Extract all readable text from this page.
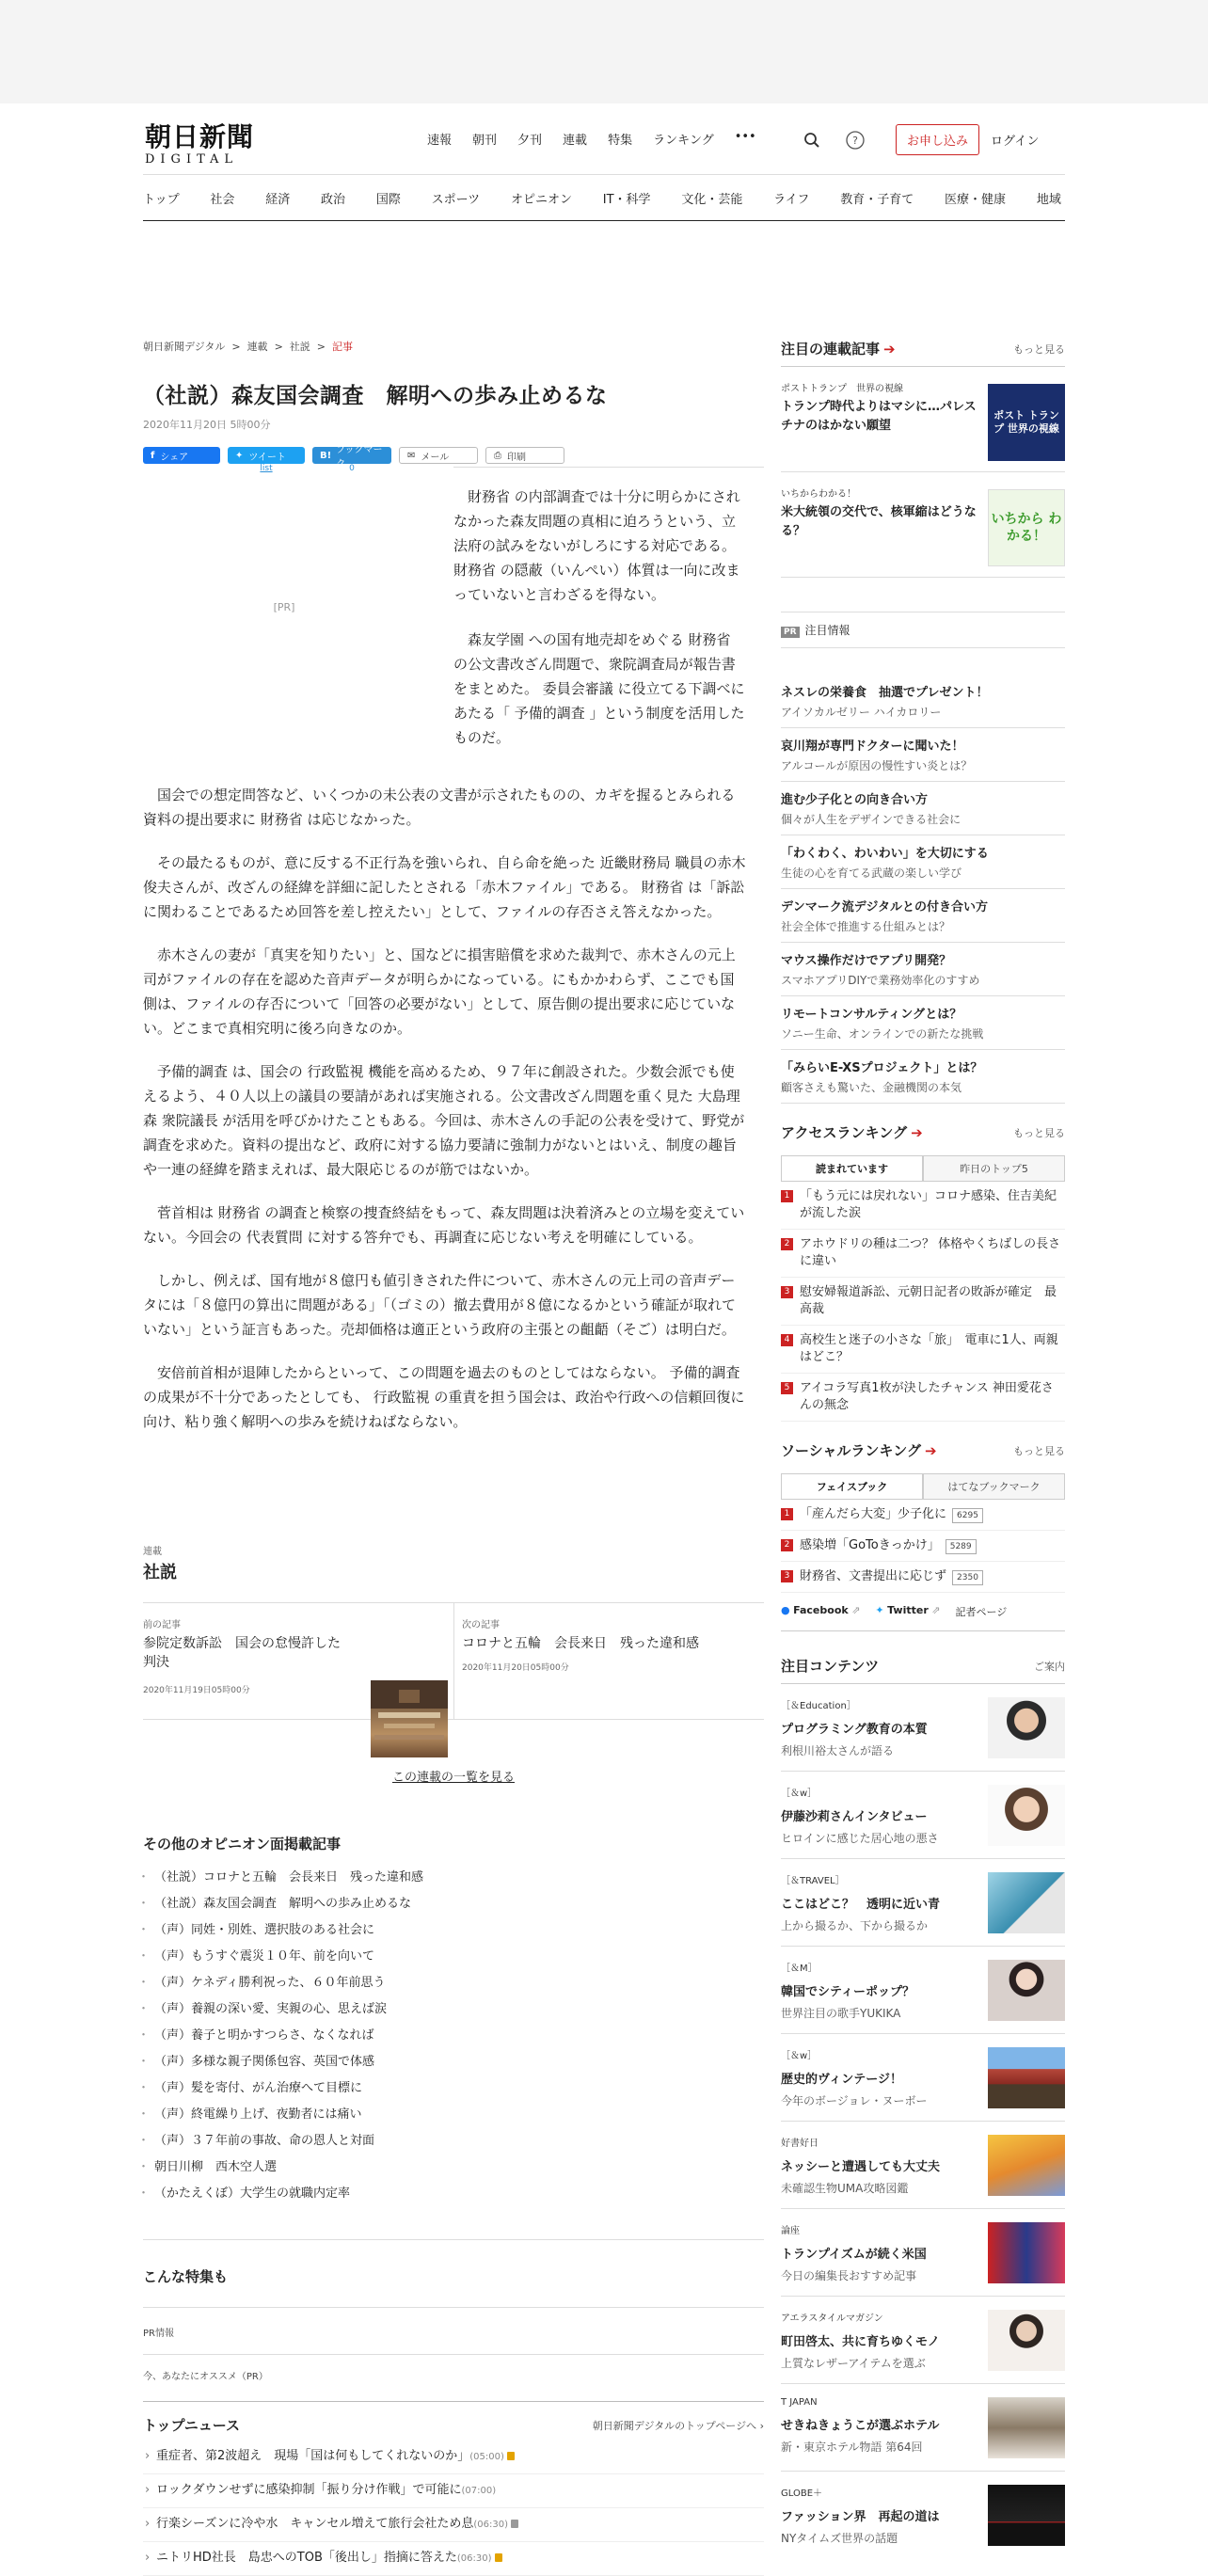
朝日新聞
DIGITAL
速報 朝刊 夕刊 連載 特集 ランキング •••	?	お申し込み	ログイン
トップ	社会	経済	政治	国際	スポーツ	オピニオン	IT・科学	文化・芸能	ライフ	教育・子育て	医療・健康	地域
朝日新聞デジタル > 連載 > 社説 > 記事
（社説）森友国会調査　解明への歩み止めるな
2020年11月20日 5時00分
f シェア	✦ ツイート
list
B! ブックマーク 0
✉ メール	⎙ 印刷
[PR]

財務省 の内部調査では十分に明らかにされなかった森友問題の真相に迫ろうという、立法府の試みをないがしろにする対応である。 財務省 の隠蔽（いんぺい）体質は一向に改まっていないと言わざるを得ない。

森友学園 への国有地売却をめぐる 財務省 の公文書改ざん問題で、衆院調査局が報告書をまとめた。 委員会審議 に役立てる下調べにあたる「 予備的調査 」という制度を活用したものだ。

国会での想定問答など、いくつかの未公表の文書が示されたものの、カギを握るとみられる資料の提出要求に 財務省 は応じなかった。

その最たるものが、意に反する不正行為を強いられ、自ら命を絶った 近畿財務局 職員の赤木俊夫さんが、改ざんの経緯を詳細に記したとされる「赤木ファイル」である。 財務省 は「訴訟に関わることであるため回答を差し控えたい」として、ファイルの存否さえ答えなかった。

赤木さんの妻が「真実を知りたい」と、国などに損害賠償を求めた裁判で、赤木さんの元上司がファイルの存在を認めた音声データが明らかになっている。にもかかわらず、ここでも国側は、ファイルの存否について「回答の必要がない」として、原告側の提出要求に応じていない。どこまで真相究明に後ろ向きなのか。

予備的調査 は、国会の 行政監視 機能を高めるため、９７年に創設された。少数会派でも使えるよう、４０人以上の議員の要請があれば実施される。公文書改ざん問題を重く見た 大島理森 衆院議長 が活用を呼びかけたこともある。今回は、赤木さんの手記の公表を受けて、野党が調査を求めた。資料の提出など、政府に対する協力要請に強制力がないとはいえ、制度の趣旨や一連の経緯を踏まえれば、最大限応じるのが筋ではないか。

菅首相は 財務省 の調査と検察の捜査終結をもって、森友問題は決着済みとの立場を変えていない。今回会の 代表質問 に対する答弁でも、再調査に応じない考えを明確にしている。

しかし、例えば、国有地が８億円も値引きされた件について、赤木さんの元上司の音声データには「８億円の算出に問題がある」「（ゴミの）撤去費用が８億になるかという確証が取れていない」という証言もあった。売却価格は適正という政府の主張との齟齬（そご）は明白だ。

安倍前首相が退陣したからといって、この問題を過去のものとしてはならない。 予備的調査 の成果が不十分であったとしても、 行政監視 の重責を担う国会は、政治や行政への信頼回復に向け、粘り強く解明への歩みを続けねばならない。

連載
社説
前の記事
参院定数訴訟　国会の怠慢許した判決
2020年11月19日05時00分
次の記事
コロナと五輪　会長来日　残った違和感
2020年11月20日05時00分
この連載の一覧を見る
その他のオピニオン面掲載記事
・ （社説）コロナと五輪　会長来日　残った違和感
・ （社説）森友国会調査　解明への歩み止めるな
・ （声）同姓・別姓、選択肢のある社会に
・ （声）もうすぐ震災１０年、前を向いて
・ （声）ケネディ勝利祝った、６０年前思う
・ （声）養親の深い愛、実親の心、思えば涙
・ （声）養子と明かすつらさ、なくなれば
・ （声）多様な親子関係包容、英国で体感
・ （声）髪を寄付、がん治療へて目標に
・ （声）終電繰り上げ、夜勤者には痛い
・ （声）３７年前の事故、命の恩人と対面
・ 朝日川柳　西木空人選
・ （かたえくぼ）大学生の就職内定率
こんな特集も
PR情報
今、あなたにオススメ（PR）
トップニュース	朝日新聞デジタルのトップページへ ›
› 重症者、第2波超え　現場「国は何もしてくれないのか」(05:00)
› ロックダウンせずに感染抑制「振り分け作戦」で可能に(07:00)
› 行楽シーズンに冷や水　キャンセル増えて旅行会社ため息(06:30)
› ニトリHD社長　島忠へのTOB「後出し」指摘に答えた(06:30)
注目の連載記事 ➔	もっと見る
ポストトランプ　世界の視線
トランプ時代よりはマシに…パレスチナのはかない願望
ポスト トランプ 世界の視線
いちからわかる！
米大統領の交代で、核軍縮はどうなる？
いちから わかる！
PR 注目情報
ネスレの栄養食　抽選でプレゼント！
アイソカルゼリー ハイカロリー
哀川翔が専門ドクターに聞いた！
アルコールが原因の慢性すい炎とは？
進む少子化との向き合い方
個々が人生をデザインできる社会に
「わくわく、わいわい」を大切にする
生徒の心を育てる武蔵の楽しい学び
デンマーク流デジタルとの付き合い方
社会全体で推進する仕組みとは？
マウス操作だけでアプリ開発？
スマホアプリDIYで業務効率化のすすめ
リモートコンサルティングとは？
ソニー生命、オンラインでの新たな挑戦
「みらいE-XSプロジェクト」とは？
顧客さえも驚いた、金融機関の本気
アクセスランキング ➔	もっと見る
読まれています	昨日のトップ5
1 「もう元には戻れない」コロナ感染、住吉美紀が流した涙
2 アホウドリの種は二つ？ 体格やくちばしの長さに違い
3 慰安婦報道訴訟、元朝日記者の敗訴が確定　最高裁
4 高校生と迷子の小さな「旅」　電車に1人、両親はどこ？
5 アイコラ写真1枚が決したチャンス 神田愛花さんの無念
ソーシャルランキング ➔	もっと見る
フェイスブック	はてなブックマーク
1 「産んだら大変」少子化に 6295
2 感染増「GoToきっかけ」 5289
3 財務省、文書提出に応じず 2350
● Facebook ⇗ ✦ Twitter ⇗ 記者ページ
注目コンテンツ	ご案内
［＆Education］
プログラミング教育の本質
利根川裕太さんが語る
［＆w］
伊藤沙莉さんインタビュー
ヒロインに感じた居心地の悪さ
［＆TRAVEL］
ここはどこ？　透明に近い青
上から撮るか、下から撮るか
［＆M］
韓国でシティーポップ？
世界注目の歌手YUKIKA
［＆w］
歴史的ヴィンテージ！
今年のボージョレ・ヌーボー
好書好日
ネッシーと遭遇しても大丈夫
未確認生物UMA攻略図鑑
論座
トランプイズムが続く米国
今日の編集長おすすめ記事
アエラスタイルマガジン
町田啓太、共に育ちゆくモノ
上質なレザーアイテムを選ぶ
T JAPAN
せきねきょうこが選ぶホテル
新・東京ホテル物語 第64回
GLOBE＋
ファッション界　再起の道は
NYタイムズ世界の話題
